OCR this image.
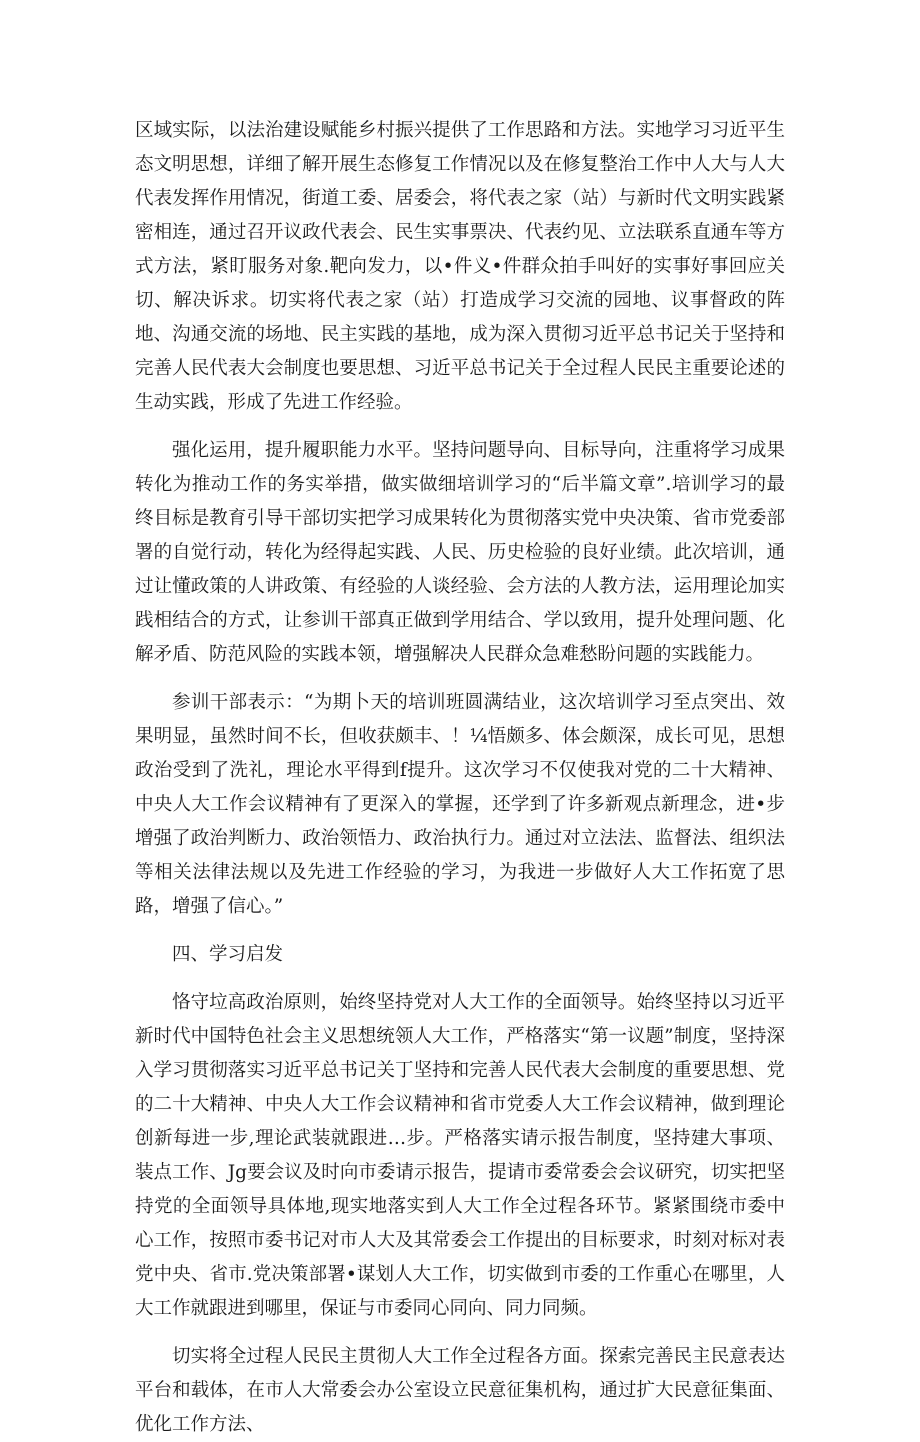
区域实际，以法治建设赋能乡村振兴提供了工作思路和方法。实地学习习近平生态文明思想，详细了解开展生态修复工作情况以及在修复整治工作中人大与人大代表发挥作用情况，街道工委、居委会，将代表之家（站）与新时代文明实践紧密相连，通过召开议政代表会、民生实事票决、代表约见、立法联系直通车等方式方法，紧盯服务对象.靶向发力，以•件义•件群众拍手叫好的实事好事回应关切、解决诉求。切实将代表之家（站）打造成学习交流的园地、议事督政的阵地、沟通交流的场地、民主实践的基地，成为深入贯彻习近平总书记关于坚持和完善人民代表大会制度也要思想、习近平总书记关于全过程人民民主重要论述的生动实践，形成了先进工作经验。

强化运用，提升履职能力水平。坚持问题导向、目标导向，注重将学习成果转化为推动工作的务实举措，做实做细培训学习的“后半篇文章”.培训学习的最终目标是教育引导干部切实把学习成果转化为贯彻落实党中央决策、省市党委部署的自觉行动，转化为经得起实践、人民、历史检验的良好业绩。此次培训，通过让懂政策的人讲政策、有经验的人谈经验、会方法的人教方法，运用理论加实践相结合的方式，让参训干部真正做到学用结合、学以致用，提升处理问题、化解矛盾、防范风险的实践本领，增强解决人民群众急难愁盼问题的实践能力。

参训干部表示：“为期卜天的培训班圆满结业，这次培训学习至点突出、效果明显，虽然时间不长，但收获颇丰、！¼悟颇多、体会颇深，成长可见，思想政治受到了洗礼，理论水平得到f提升。这次学习不仅使我对党的二十大精神、中央人大工作会议精神有了更深入的掌握，还学到了许多新观点新理念，进•步增强了政治判断力、政治领悟力、政治执行力。通过对立法法、监督法、组织法等相关法律法规以及先进工作经验的学习，为我进一步做好人大工作拓宽了思路，增强了信心。”

四、学习启发

恪守垃高政治原则，始终坚持党对人大工作的全面领导。始终坚持以习近平新时代中国特色社会主义思想统领人大工作，严格落实“第一议题”制度，坚持深入学习贯彻落实习近平总书记关丁坚持和完善人民代表大会制度的重要思想、党的二十大精神、中央人大工作会议精神和省市党委人大工作会议精神，做到理论创新每进一步,理论武装就跟进…步。严格落实请示报告制度，坚持建大事项、装点工作、Jg要会议及时向市委请示报告，提请市委常委会会议研究，切实把坚持党的全面领导具体地,现实地落实到人大工作全过程各环节。紧紧围绕市委中心工作，按照市委书记对市人大及其常委会工作提出的目标要求，时刻对标对表党中央、省市.党决策部署•谋划人大工作，切实做到市委的工作重心在哪里，人大工作就跟进到哪里，保证与市委同心同向、同力同频。

切实将全过程人民民主贯彻人大工作全过程各方面。探索完善民主民意表达平台和载体，在市人大常委会办公室设立民意征集机构，通过扩大民意征集面、优化工作方法、
